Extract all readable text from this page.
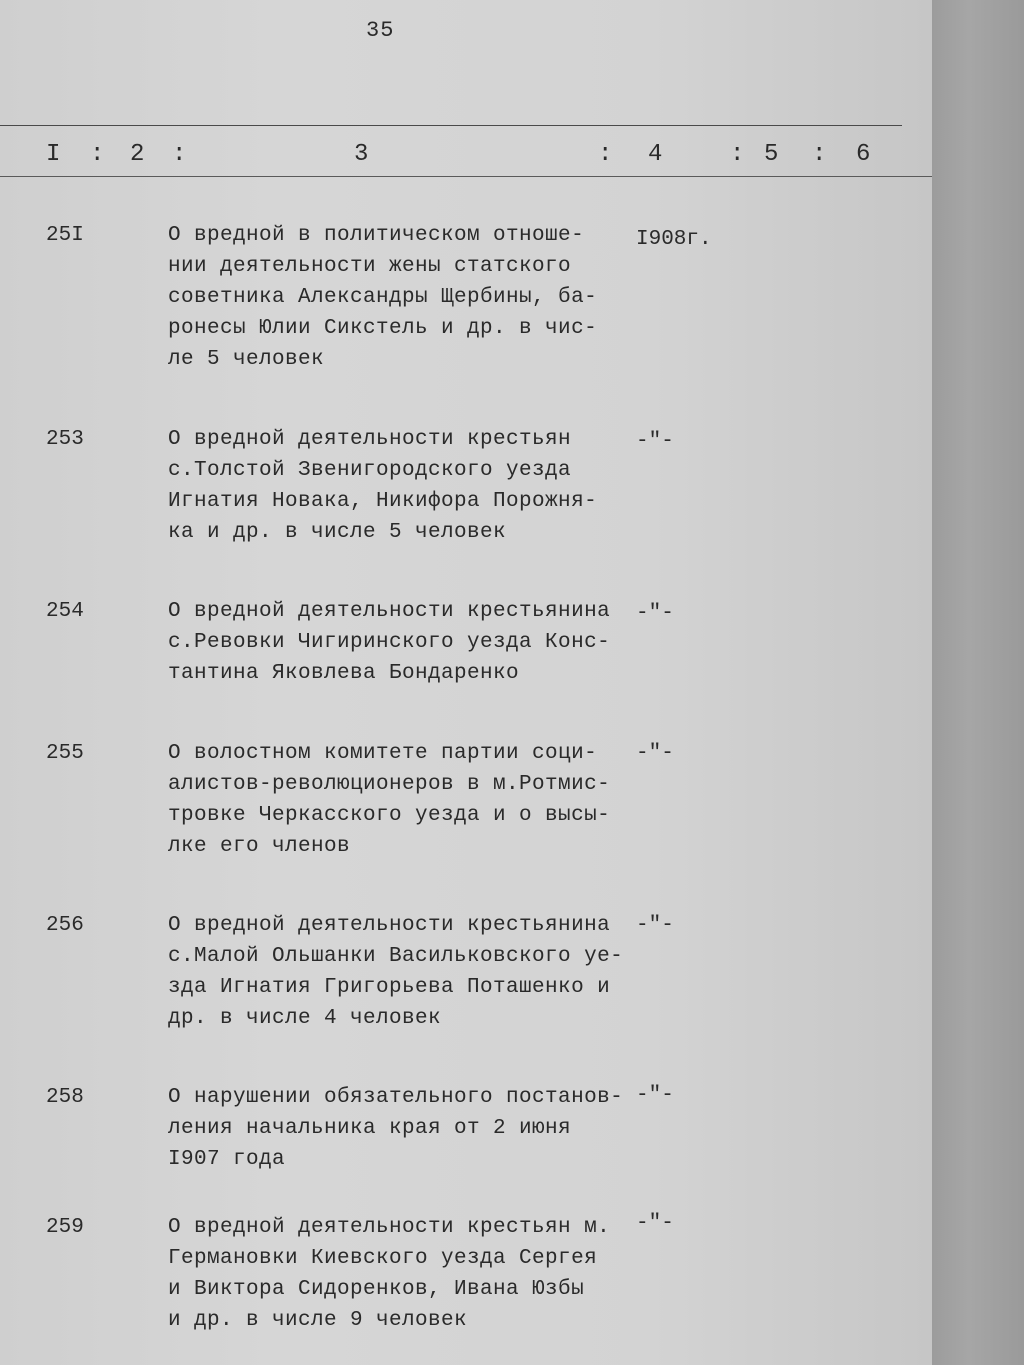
35
I : 2 :	3	: 4	: 5 : 6
25I	О вредной в политическом отноше-
нии деятельности жены статского
советника Александры Щербины, ба-
ронесы Юлии Сикстель и др. в чис-
ле 5 человек
I908г.
253	О вредной деятельности крестьян
с.Толстой Звенигородского уезда
Игнатия Новака, Никифора Порожня-
ка и др. в числе 5 человек
-"-
254	О вредной деятельности крестьянина
с.Ревовки Чигиринского уезда Конс-
тантина Яковлева Бондаренко
-"-
255	О волостном комитете партии соци-
алистов-революционеров в м.Ротмис-
тровке Черкасского уезда и о высы-
лке его членов
-"-
256	О вредной деятельности крестьянина
с.Малой Ольшанки Васильковского уе-
зда Игнатия Григорьева Поташенко и
др. в числе 4 человек
-"-
258	О нарушении обязательного постанов-
ления начальника края от 2 июня
I907 года
-"-
259	О вредной деятельности крестьян м.
Германовки Киевского уезда Сергея
и Виктора Сидоренков, Ивана Юзбы
и др. в числе 9 человек
-"-
